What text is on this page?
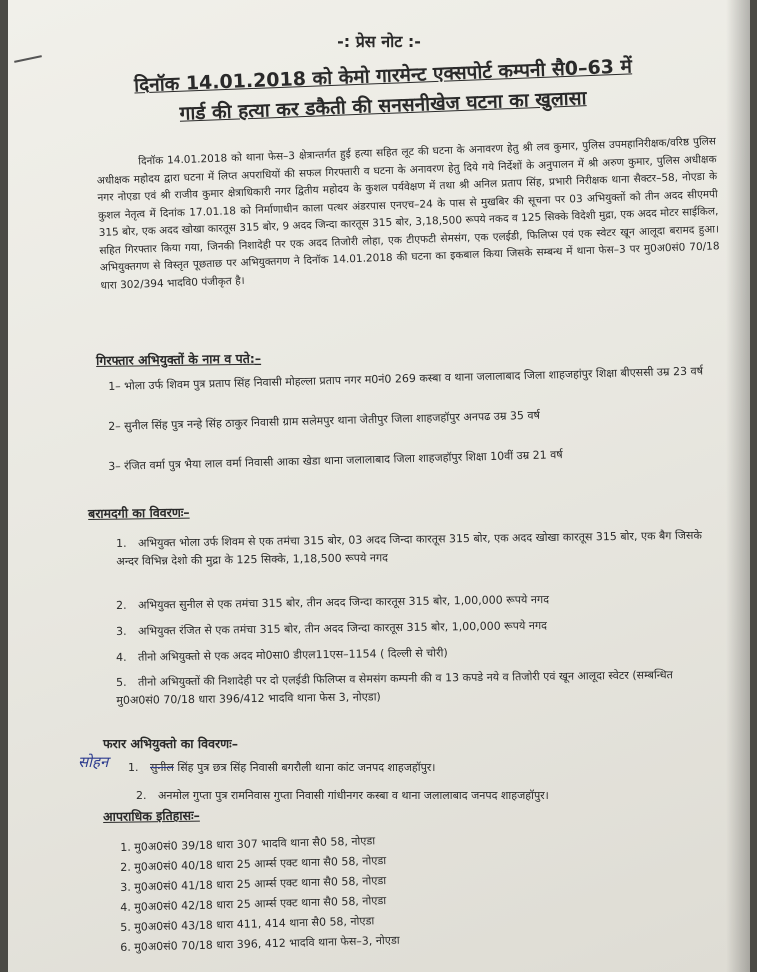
-: प्रेस नोट :-
दिनॉक 14.01.2018 को केमो गारमेन्ट एक्सपोर्ट कम्पनी सै0–63 में
गार्ड की हत्या कर डकैती की सनसनीखेज घटना का खुलासा

दिनॉक 14.01.2018 को थाना फेस–3 क्षेत्रान्तर्गत हुई हत्या सहित लूट की घटना के अनावरण हेतु श्री लव कुमार, पुलिस उपमहानिरीक्षक/वरिष्ठ पुलिस अधीक्षक महोदय द्वारा घटना में लिप्त अपराधियों की सफल गिरफ्तारी व घटना के अनावरण हेतु दिये गये निर्देशों के अनुपालन में श्री अरुण कुमार, पुलिस अधीक्षक नगर नोएडा एवं श्री राजीव कुमार क्षेत्राधिकारी नगर द्वितीय महोदय के कुशल पर्यवेक्षण में तथा श्री अनिल प्रताप सिंह, प्रभारी निरीक्षक थाना सैक्टर–58, नोएडा के कुशल नेतृत्व में दिनांक 17.01.18 को निर्माणाधीन काला पत्थर अंडरपास एनएच–24 के पास से मुखबिर की सूचना पर 03 अभियुक्तों को तीन अदद सीएमपी 315 बोर, एक अदद खोखा कारतूस 315 बोर, 9 अदद जिन्दा कारतूस 315 बोर, 3,18,500 रूपये नकद व 125 सिक्के विदेशी मुद्रा, एक अदद मोटर साईकिल, सहित गिरफ्तार किया गया, जिनकी निशादेही पर एक अदद तिजोरी लोहा, एक टीएफटी सेमसंग, एक एलईडी, फिलिप्स एवं एक स्वेटर खून आलूदा बरामद हुआ। अभियुक्तगण से विस्तृत पूछताछ पर अभियुक्तगण ने दिनॉक 14.01.2018 की घटना का इकबाल किया जिसके सम्बन्ध में थाना फेस–3 पर मु0अ0सं0 70/18 धारा 302/394 भादवि0 पंजीकृत है।

गिरफ्तार अभियुक्तों के नाम व पते:–
1– भोला उर्फ शिवम पुत्र प्रताप सिंह निवासी मोहल्ला प्रताप नगर म0नं0 269 कस्बा व थाना जलालाबाद जिला शाहजहांपुर शिक्षा बीएससी उम्र 23 वर्ष
2– सुनील सिंह पुत्र नन्हे सिंह ठाकुर निवासी ग्राम सलेमपुर थाना जेतीपुर जिला शाहजहॉपुर अनपढ उम्र 35 वर्ष
3– रंजित वर्मा पुत्र भैया लाल वर्मा निवासी आका खेडा थाना जलालाबाद जिला शाहजहॉपुर शिक्षा 10वीं उम्र 21 वर्ष
बरामदगी का विवरणः–
1. अभियुक्त भोला उर्फ शिवम से एक तमंचा 315 बोर, 03 अदद जिन्दा कारतूस 315 बोर, एक अदद खोखा कारतूस 315 बोर, एक बैग जिसके अन्दर विभिन्न देशो की मुद्रा के 125 सिक्के, 1,18,500 रूपये नगद
2. अभियुक्त सुनील से एक तमंचा 315 बोर, तीन अदद जिन्दा कारतूस 315 बोर, 1,00,000 रूपये नगद
3. अभियुक्त रंजित से एक तमंचा 315 बोर, तीन अदद जिन्दा कारतूस 315 बोर, 1,00,000 रूपये नगद
4. तीनो अभियुक्तो से एक अदद मो0सा0 डीएल11एस–1154 ( दिल्ली से चोरी)
5. तीनो अभियुक्तों की निशादेही पर दो एलईडी फिलिप्स व सेमसंग कम्पनी की व 13 कपडे नये व तिजोरी एवं खून आलूदा स्वेटर (सम्बन्धित मु0अ0सं0 70/18 धारा 396/412 भादवि थाना फेस 3, नोएडा)
फरार अभियुक्तो का विवरणः–
सोहन 1. सुनील सिंह पुत्र छत्र सिंह निवासी बगरौली थाना कांट जनपद शाहजहॉपुर।
2. अनमोल गुप्ता पुत्र रामनिवास गुप्ता निवासी गांधीनगर कस्बा व थाना जलालाबाद जनपद शाहजहॉपुर।
आपराधिक इतिहासः–
1. मु0अ0सं0 39/18 धारा 307 भादवि थाना सै0 58, नोएडा
2. मु0अ0सं0 40/18 धारा 25 आर्म्स एक्ट थाना सै0 58, नोएडा
3. मु0अ0सं0 41/18 धारा 25 आर्म्स एक्ट थाना सै0 58, नोएडा
4. मु0अ0सं0 42/18 धारा 25 आर्म्स एक्ट थाना सै0 58, नोएडा
5. मु0अ0सं0 43/18 धारा 411, 414 थाना सै0 58, नोएडा
6. मु0अ0सं0 70/18 धारा 396, 412 भादवि थाना फेस–3, नोएडा
